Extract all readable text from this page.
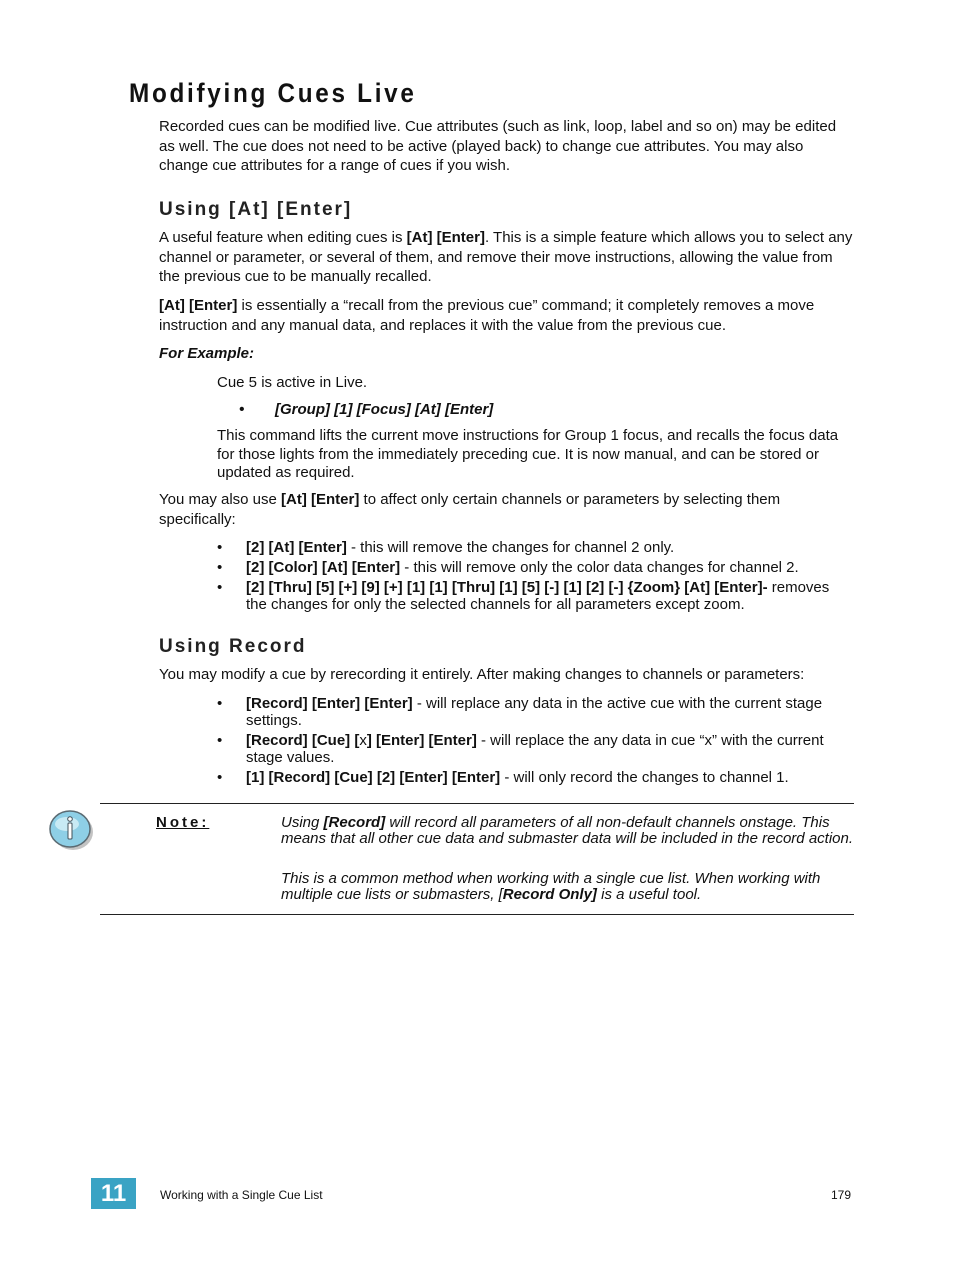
Modifying Cues Live

Recorded cues can be modified live. Cue attributes (such as link, loop, label and so on) may be edited as well. The cue does not need to be active (played back) to change cue attributes. You may also change cue attributes for a range of cues if you wish.

Using [At] [Enter]

A useful feature when editing cues is [At] [Enter]. This is a simple feature which allows you to select any channel or parameter, or several of them, and remove their move instructions, allowing the value from the previous cue to be manually recalled.

[At] [Enter] is essentially a “recall from the previous cue” command; it completely removes a move instruction and any manual data, and replaces it with the value from the previous cue.

For Example:

Cue 5 is active in Live.

• [Group] [1] [Focus] [At] [Enter]

This command lifts the current move instructions for Group 1 focus, and recalls the focus data for those lights from the immediately preceding cue. It is now manual, and can be stored or updated as required.

You may also use [At] [Enter] to affect only certain channels or parameters by selecting them specifically:

• [2] [At] [Enter] - this will remove the changes for channel 2 only.
• [2] [Color] [At] [Enter] - this will remove only the color data changes for channel 2.
• [2] [Thru] [5] [+] [9] [+] [1] [1] [Thru] [1] [5] [-] [1] [2] [-] {Zoom} [At] [Enter]- removes the changes for only the selected channels for all parameters except zoom.
Using Record

You may modify a cue by rerecording it entirely. After making changes to channels or parameters:

• [Record] [Enter] [Enter] - will replace any data in the active cue with the current stage settings.
• [Record] [Cue] [x] [Enter] [Enter] - will replace the any data in cue “x” with the current stage values.
• [1] [Record] [Cue] [2] [Enter] [Enter] - will only record the changes to channel 1.
Note:	Using [Record] will record all parameters of all non-default channels onstage. This means that all other cue data and submaster data will be included in the record action.

This is a common method when working with a single cue list. When working with multiple cue lists or submasters, [Record Only] is a useful tool.

11	Working with a Single Cue List	179
